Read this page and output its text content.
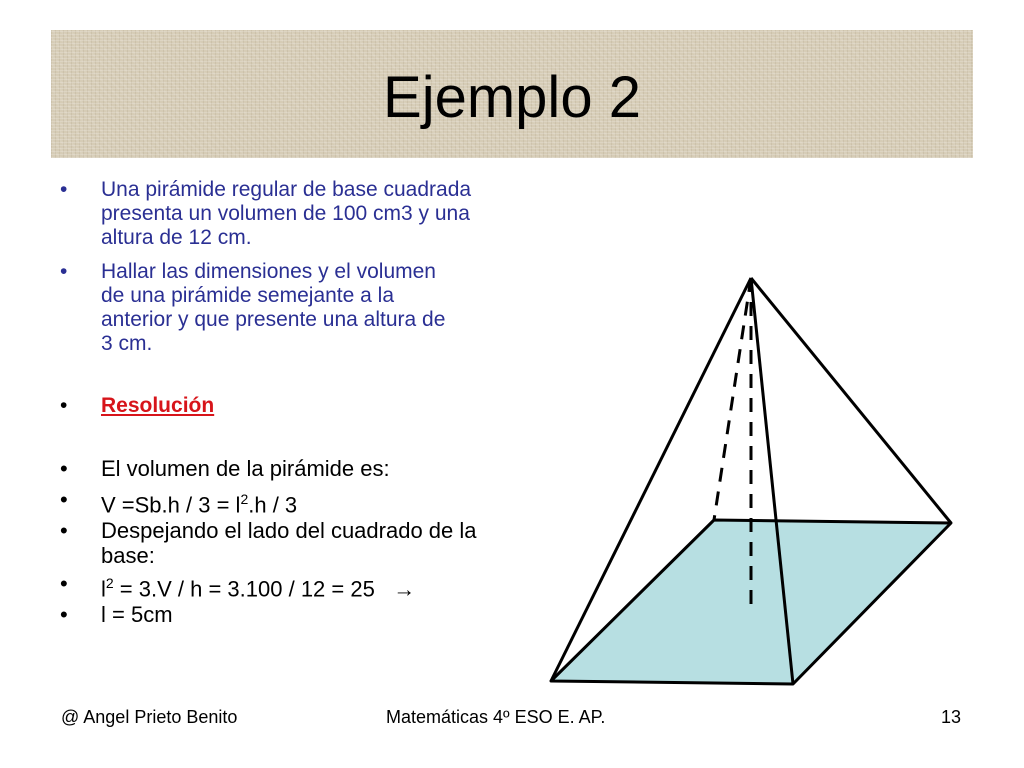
Ejemplo 2
•	Una pirámide regular de base cuadrada presenta un volumen de 100 cm3 y una altura de 12 cm.
•	Hallar las dimensiones y el volumen de una pirámide semejante a la anterior y que presente una altura de 3 cm.
•	Resolución
•	El volumen de la pirámide es:
•	$V =Sb.h / 3 = l^2.h / 3$
•	Despejando el lado del cuadrado de la base:
•	$l^2 = 3.V / h = 3.100 / 12 = 25$ →
•	l = 5cm
@ Angel Prieto Benito	Matemáticas 4º ESO E. AP.	13
